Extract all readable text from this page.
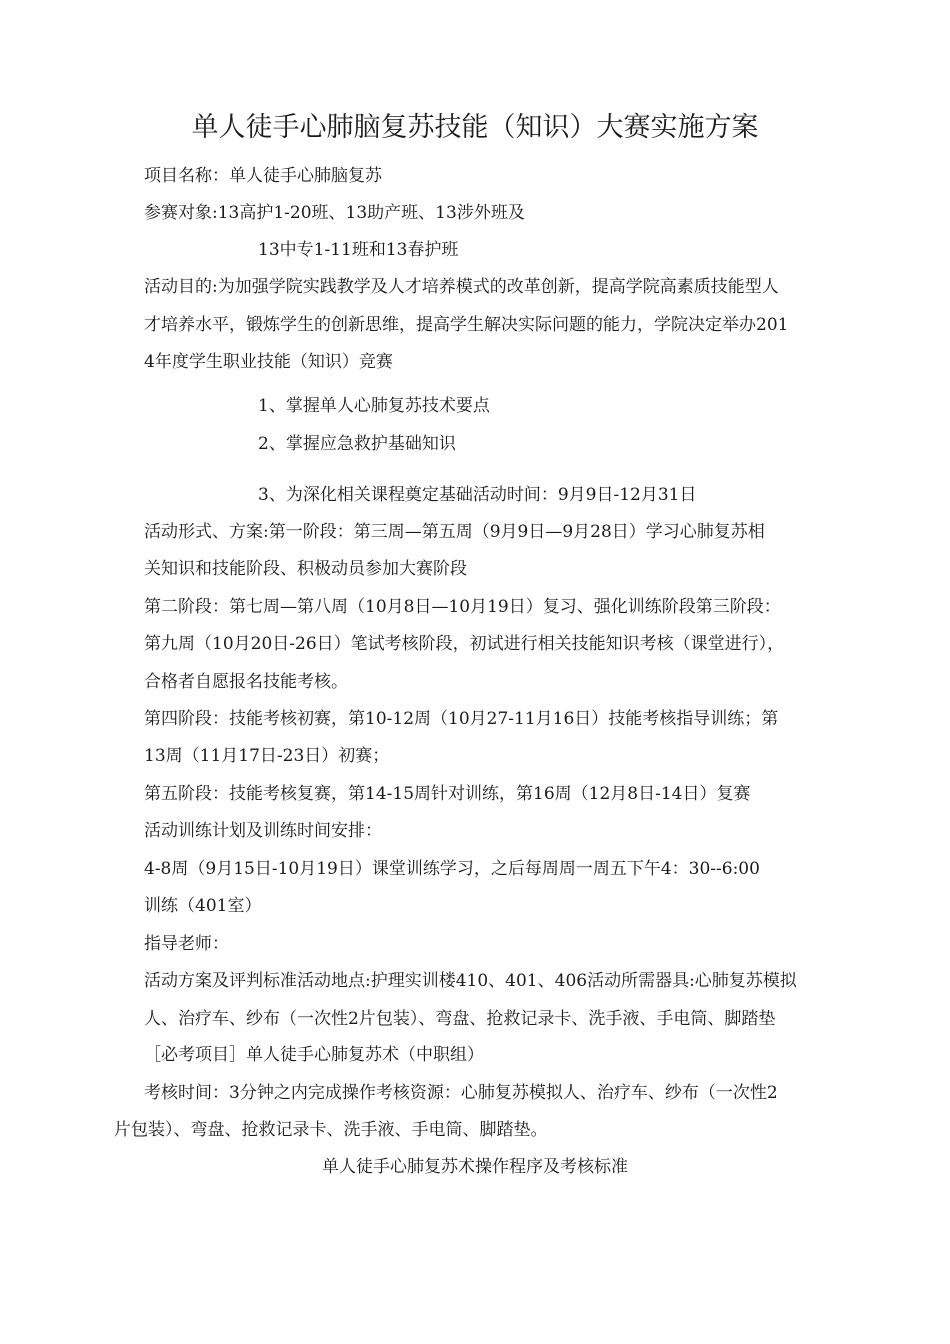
单人徒手心肺脑复苏技能（知识）大赛实施方案
项目名称：单人徒手心肺脑复苏
参赛对象:13高护1-20班、13助产班、13涉外班及
13中专1-11班和13春护班
活动目的:为加强学院实践教学及人才培养模式的改革创新，提高学院高素质技能型人
才培养水平，锻炼学生的创新思维，提高学生解决实际问题的能力，学院决定举办201
4年度学生职业技能（知识）竞赛
1、掌握单人心肺复苏技术要点
2、掌握应急救护基础知识
3、为深化相关课程奠定基础活动时间：9月9日-12月31日
活动形式、方案:第一阶段：第三周—第五周（9月9日—9月28日）学习心肺复苏相
关知识和技能阶段、积极动员参加大赛阶段
第二阶段：第七周—第八周（10月8日—10月19日）复习、强化训练阶段第三阶段：
第九周（10月20日-26日）笔试考核阶段，初试进行相关技能知识考核（课堂进行），
合格者自愿报名技能考核。
第四阶段：技能考核初赛，第10-12周（10月27-11月16日）技能考核指导训练；第
13周（11月17日-23日）初赛；
第五阶段：技能考核复赛，第14-15周针对训练，第16周（12月8日-14日）复赛
活动训练计划及训练时间安排：
4-8周（9月15日-10月19日）课堂训练学习，之后每周周一周五下午4：30--6:00
训练（401室）
指导老师：
活动方案及评判标准活动地点:护理实训楼410、401、406活动所需器具:心肺复苏模拟
人、治疗车、纱布（一次性2片包装）、弯盘、抢救记录卡、洗手液、手电筒、脚踏垫
［必考项目］单人徒手心肺复苏术（中职组）
考核时间：3分钟之内完成操作考核资源：心肺复苏模拟人、治疗车、纱布（一次性2
片包装）、弯盘、抢救记录卡、洗手液、手电筒、脚踏垫。
单人徒手心肺复苏术操作程序及考核标准
